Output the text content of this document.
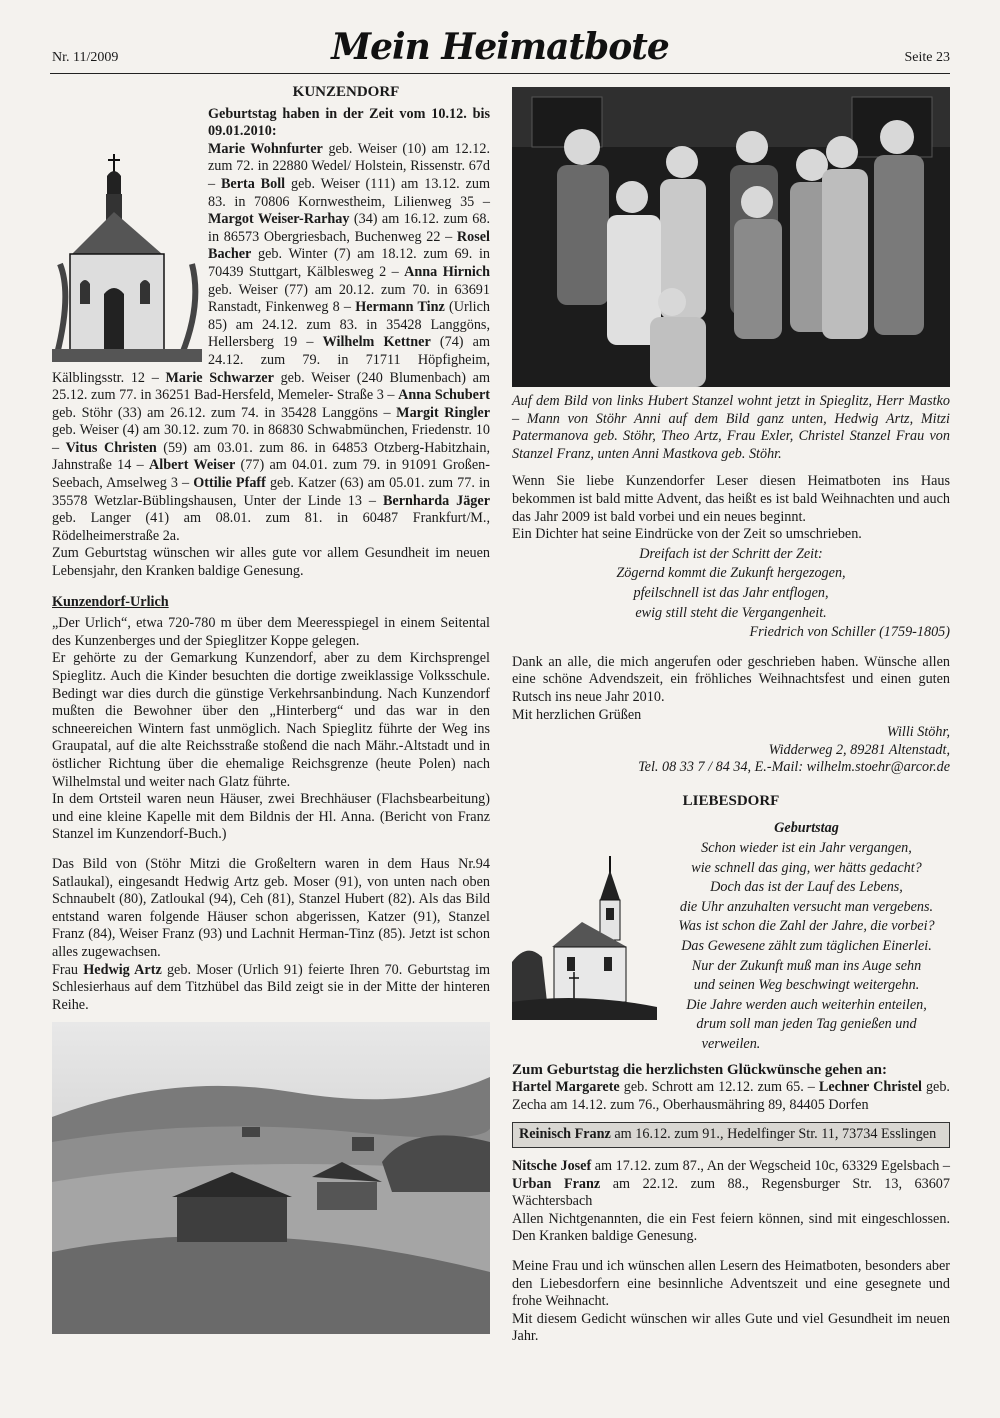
Nr. 11/2009	Mein Heimatbote	Seite 23
KUNZENDORF

Geburtstag haben in der Zeit vom 10.12. bis 09.01.2010:

Marie Wohnfurter geb. Weiser (10) am 12.12. zum 72. in 22880 Wedel/ Holstein, Rissenstr. 67d – Berta Boll geb. Weiser (111) am 13.12. zum 83. in 70806 Kornwestheim, Lilienweg 35 – Margot Weiser-Rarhay (34) am 16.12. zum 68. in 86573 Obergriesbach, Buchenweg 22 – Rosel Bacher geb. Winter (7) am 18.12. zum 69. in 70439 Stuttgart, Kälblesweg 2 – Anna Hirnich geb. Weiser (77) am 20.12. zum 70. in 63691 Ranstadt, Finkenweg 8 – Hermann Tinz (Urlich 85) am 24.12. zum 83. in 35428 Langgöns, Hellersberg 19 – Wilhelm Kettner (74) am 24.12. zum 79. in 71711 Höpfigheim, Kälblingsstr. 12 – Marie Schwarzer geb. Weiser (240 Blumenbach) am 25.12. zum 77. in 36251 Bad-Hersfeld, Memeler- Straße 3 – Anna Schubert geb. Stöhr (33) am 26.12. zum 74. in 35428 Langgöns – Margit Ringler geb. Weiser (4) am 30.12. zum 70. in 86830 Schwabmünchen, Friedenstr. 10 – Vitus Christen (59) am 03.01. zum 86. in 64853 Otzberg-Habitzhain, Jahnstraße 14 – Albert Weiser (77) am 04.01. zum 79. in 91091 Großen-Seebach, Amselweg 3 – Ottilie Pfaff geb. Katzer (63) am 05.01. zum 77. in 35578 Wetzlar-Büblingshausen, Unter der Linde 13 – Bernharda Jäger geb. Langer (41) am 08.01. zum 81. in 60487 Frankfurt/M., Rödelheimerstraße 2a.

Zum Geburtstag wünschen wir alles gute vor allem Gesundheit im neuen Lebensjahr, den Kranken baldige Genesung.

Kunzendorf-Urlich

„Der Urlich“, etwa 720-780 m über dem Meeresspiegel in einem Seitental des Kunzenberges und der Spieglitzer Koppe gelegen.

Er gehörte zu der Gemarkung Kunzendorf, aber zu dem Kirchsprengel Spieglitz. Auch die Kinder besuchten die dortige zweiklassige Volksschule. Bedingt war dies durch die günstige Verkehrsanbindung. Nach Kunzendorf mußten die Bewohner über den „Hinterberg“ und das war in den schneereichen Wintern fast unmöglich. Nach Spieglitz führte der Weg ins Graupatal, auf die alte Reichsstraße stoßend die nach Mähr.-Altstadt und in östlicher Richtung über die ehemalige Reichsgrenze (heute Polen) nach Wilhelmstal und weiter nach Glatz führte.

In dem Ortsteil waren neun Häuser, zwei Brechhäuser (Flachsbearbeitung) und eine kleine Kapelle mit dem Bildnis der Hl. Anna. (Bericht von Franz Stanzel im Kunzendorf-Buch.)

Das Bild von (Stöhr Mitzi die Großeltern waren in dem Haus Nr.94 Satlaukal), eingesandt Hedwig Artz geb. Moser (91), von unten nach oben Schnaubelt (80), Zatloukal (94), Ceh (81), Stanzel Hubert (82). Als das Bild entstand waren folgende Häuser schon abgerissen, Katzer (91), Stanzel Franz (84), Weiser Franz (93) und Lachnit Herman-Tinz (85). Jetzt ist schon alles zugewachsen.

Frau Hedwig Artz geb. Moser (Urlich 91) feierte Ihren 70. Geburtstag im Schlesierhaus auf dem Titzhübel das Bild zeigt sie in der Mitte der hinteren Reihe.

Auf dem Bild von links Hubert Stanzel wohnt jetzt in Spieglitz, Herr Mastko – Mann von Stöhr Anni auf dem Bild ganz unten, Hedwig Artz, Mitzi Patermanova geb. Stöhr, Theo Artz, Frau Exler, Christel Stanzel Frau von Stanzel Franz, unten Anni Mastkova geb. Stöhr.

Wenn Sie liebe Kunzendorfer Leser diesen Heimatboten ins Haus bekommen ist bald mitte Advent, das heißt es ist bald Weihnachten und auch das Jahr 2009 ist bald vorbei und ein neues beginnt.

Ein Dichter hat seine Eindrücke von der Zeit so umschrieben.

Dreifach ist der Schritt der Zeit:
Zögernd kommt die Zukunft hergezogen,
pfeilschnell ist das Jahr entflogen,
ewig still steht die Vergangenheit.
Friedrich von Schiller (1759-1805)

Dank an alle, die mich angerufen oder geschrieben haben. Wünsche allen eine schöne Advendszeit, ein fröhliches Weihnachtsfest und einen guten Rutsch ins neue Jahr 2010.

Mit herzlichen Grüßen

Willi Stöhr,
Widderweg 2, 89281 Altenstadt,
Tel. 08 33 7 / 84 34, E.-Mail: wilhelm.stoehr@arcor.de
LIEBESDORF
Geburtstag
Schon wieder ist ein Jahr vergangen,
wie schnell das ging, wer hätts gedacht?
Doch das ist der Lauf des Lebens,
die Uhr anzuhalten versucht man vergebens.
Was ist schon die Zahl der Jahre, die vorbei?
Das Gewesene zählt zum täglichen Einerlei.
Nur der Zukunft muß man ins Auge sehn
und seinen Weg beschwingt weitergehn.
Die Jahre werden auch weiterhin enteilen,
drum soll man jeden Tag genießen und
verweilen.
Zum Geburtstag die herzlichsten Glückwünsche gehen an:

Hartel Margarete geb. Schrott am 12.12. zum 65. – Lechner Christel geb. Zecha am 14.12. zum 76., Oberhausmähring 89, 84405 Dorfen

Reinisch Franz am 16.12. zum 91., Hedelfinger Str. 11, 73734 Esslingen

Nitsche Josef am 17.12. zum 87., An der Wegscheid 10c, 63329 Egelsbach – Urban Franz am 22.12. zum 88., Regensburger Str. 13, 63607 Wächtersbach

Allen Nichtgenannten, die ein Fest feiern können, sind mit eingeschlossen. Den Kranken baldige Genesung.

Meine Frau und ich wünschen allen Lesern des Heimatboten, besonders aber den Liebesdorfern eine besinnliche Adventszeit und eine gesegnete und frohe Weihnacht.

Mit diesem Gedicht wünschen wir alles Gute und viel Gesundheit im neuen Jahr.
